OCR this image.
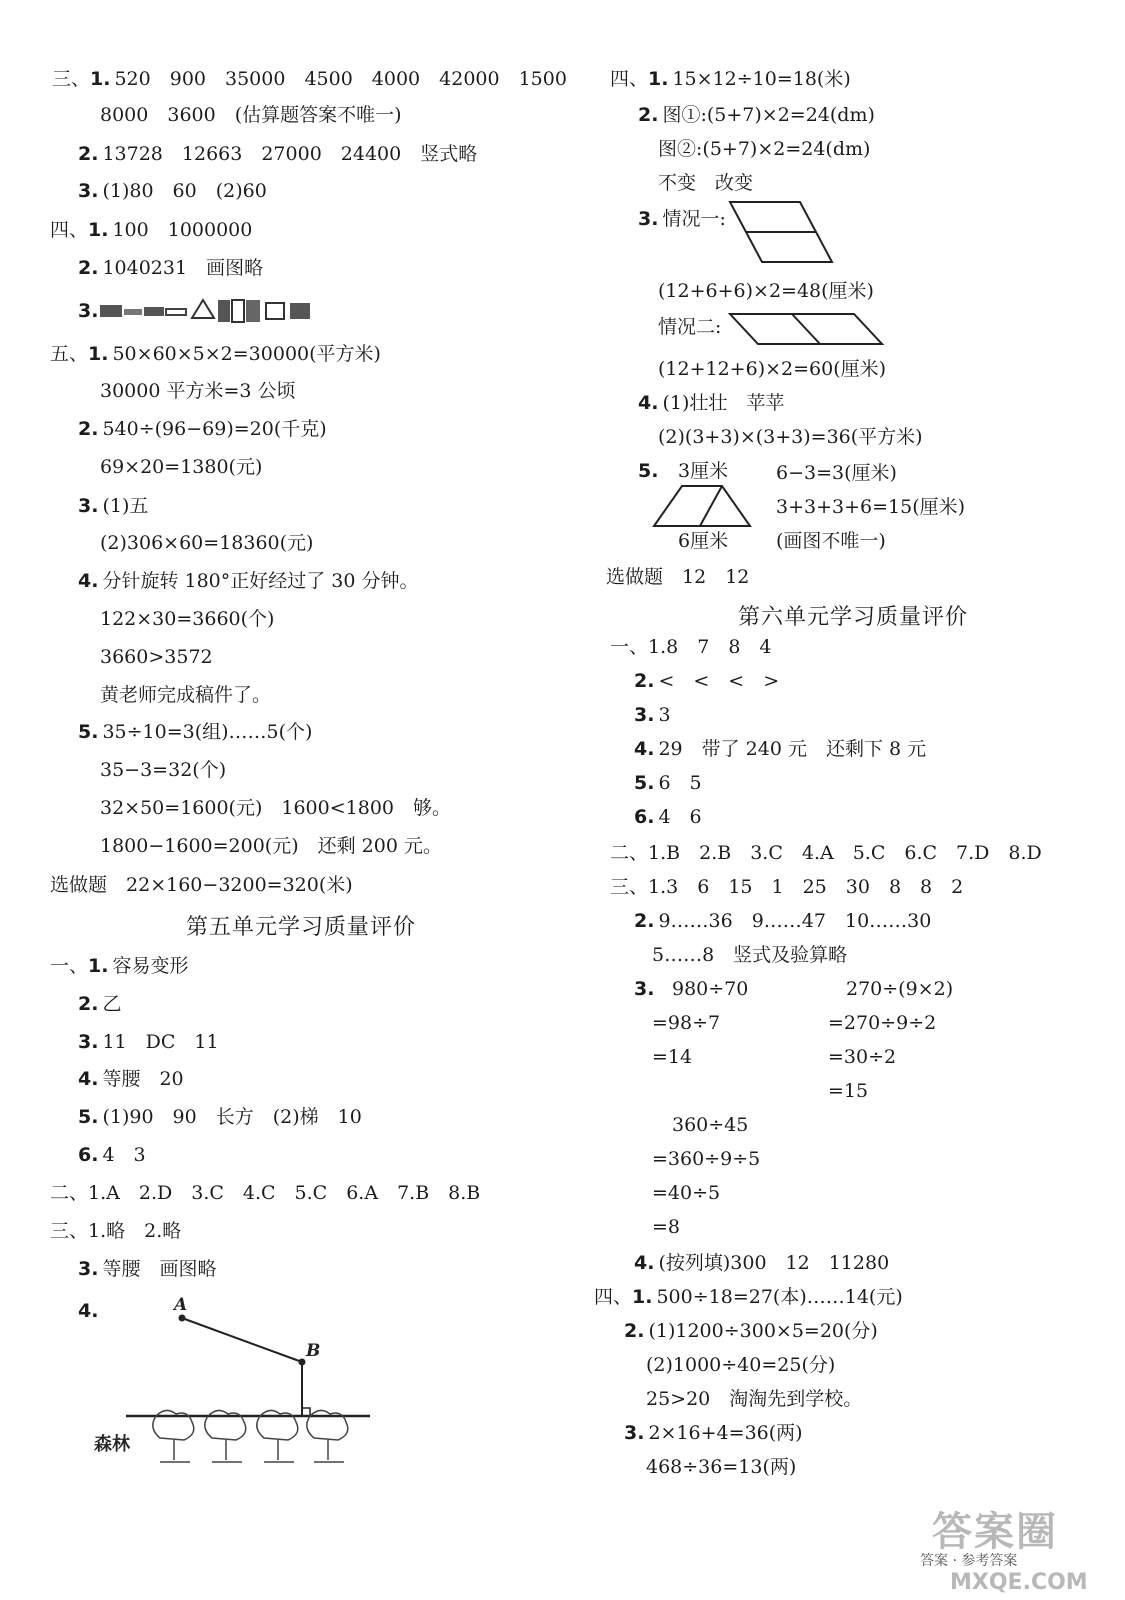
三、1. 520　900　35000　4500　4000　42000　1500
8000　3600　(估算题答案不唯一)
2. 13728　12663　27000　24400　竖式略
3. (1)80　60　(2)60
四、1. 100　1000000
2. 1040231　画图略
3.
五、1. 50×60×5×2=30000(平方米)
30000 平方米=3 公顷
2. 540÷(96−69)=20(千克)
69×20=1380(元)
3. (1)五
(2)306×60=18360(元)
4. 分针旋转 180°正好经过了 30 分钟。
122×30=3660(个)
3660>3572
黄老师完成稿件了。
5. 35÷10=3(组)……5(个)
35−3=32(个)
32×50=1600(元)　1600<1800　够。
1800−1600=200(元)　还剩 200 元。
选做题　 22×160−3200=320(米)
第五单元学习质量评价
一、1. 容易变形
2. 乙
3. 11　DC　11
4. 等腰　20
5. (1)90　90　长方　(2)梯　10
6. 4　3
二、1.A　2.D　3.C　4.C　5.C　6.A　7.B　8.B
三、1.略　2.略
3. 等腰　画图略
4.	A
B
森林
四、1. 15×12÷10=18(米)
2. 图①:(5+7)×2=24(dm)
图②:(5+7)×2=24(dm)
不变　改变
3. 情况一:
(12+6+6)×2=48(厘米)
情况二:
(12+12+6)×2=60(厘米)
4. (1)壮壮　苹苹
(2)(3+3)×(3+3)=36(平方米)
5. 3厘米
6厘米
6−3=3(厘米)
3+3+3+6=15(厘米)
(画图不唯一)
选做题　 12　12
第六单元学习质量评价
一、1.8　7　8　4
2. <　<　<　>
3. 3
4. 29　带了 240 元　还剩下 8 元
5. 6　5
6. 4　6
二、1.B　2.B　3.C　4.A　5.C　6.C　7.D　8.D
三、1.3　6　15　1　25　30　8　8　2
2. 9……36　9……47　10……30
5……8　竖式及验算略
3. 980÷70
=98÷7
=14
270÷(9×2)
=270÷9÷2
=30÷2
=15
360÷45
=360÷9÷5
=40÷5
=8
4. (按列填)300　12　11280
四、1. 500÷18=27(本)……14(元)
2. (1)1200÷300×5=20(分)
(2)1000÷40=25(分)
25>20　淘淘先到学校。
3. 2×16+4=36(两)
468÷36=13(两)
答案圈
答案 · 参考答案
MXQE.COM
